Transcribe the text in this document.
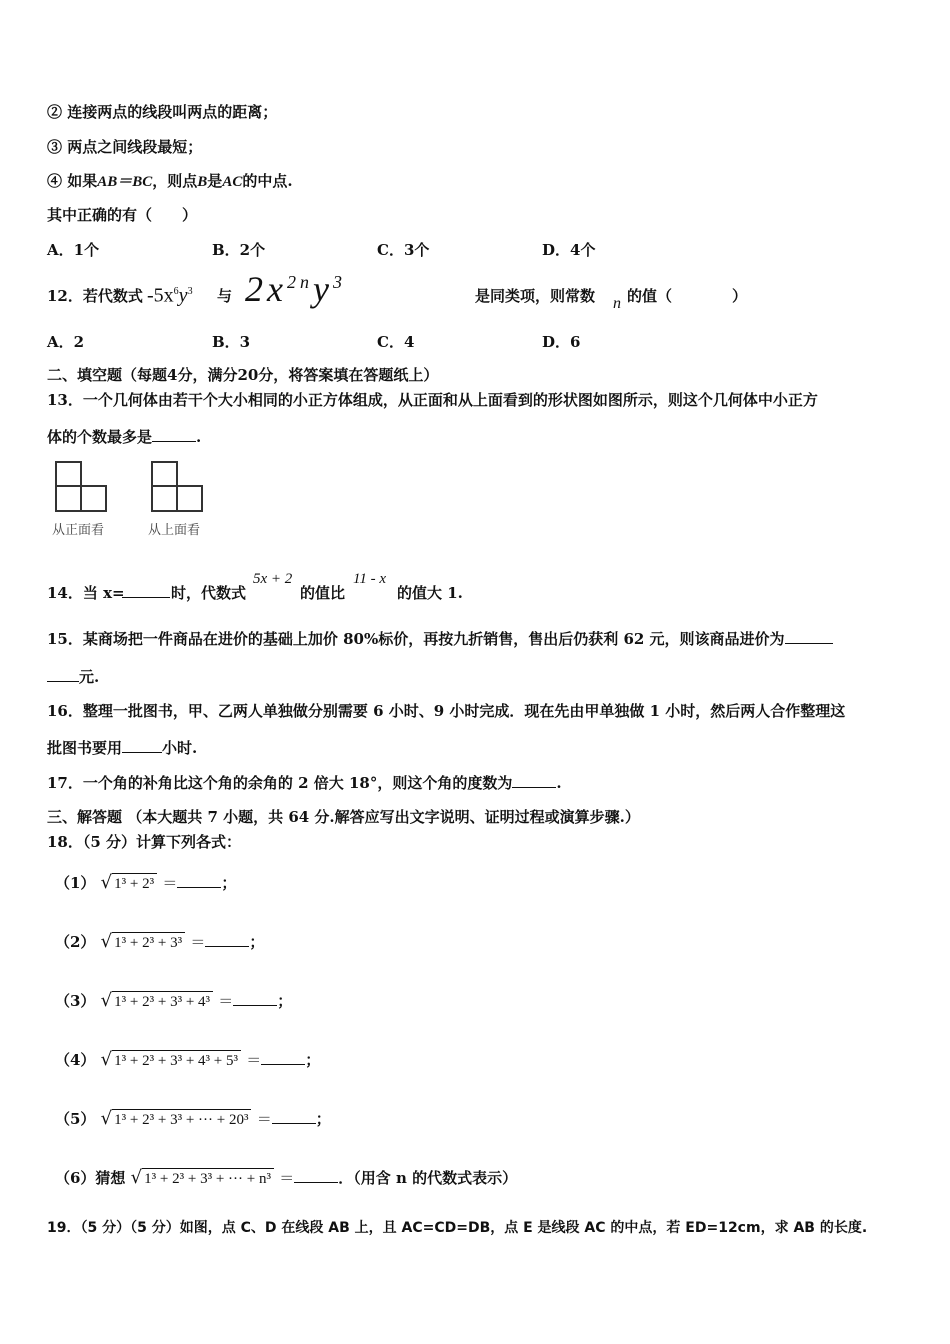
② 连接两点的线段叫两点的距离；
③ 两点之间线段最短；
④ 如果AB＝BC，则点B是AC的中点.
其中正确的有（　　）
A．1个	B．2个	C．3个	D．4个
12．若代数式 $-5x^6y^3$ 与 $2x^{2n}y^3$
是同类项，则常数 n 的值（　　　　）
A．2	B．3	C．4	D．6
二、填空题（每题4分，满分20分，将答案填在答题纸上）
13．一个几何体由若干个大小相同的小正方体组成，从正面和从上面看到的形状图如图所示，则这个几何体中小正方
体的个数最多是	.
从正面看	从上面看
14．当 x=	时，代数式
5x + 2
的值比
11 - x
的值大 1.
15．某商场把一件商品在进价的基础上加价 80%标价，再按九折销售，售出后仍获利 62 元，则该商品进价为
元.
16．整理一批图书，甲、乙两人单独做分别需要 6 小时、9 小时完成．现在先由甲单独做 1 小时，然后两人合作整理这
批图书要用	小时.
17．一个角的补角比这个角的余角的 2 倍大 18°，则这个角的度数为	.
三、解答题 （本大题共 7 小题，共 64 分.解答应写出文字说明、证明过程或演算步骤.）
18．（5 分）计算下列各式：
（1） √ 1³ + 2³ ＝	；
（2） √ 1³ + 2³ + 3³ ＝	；
（3） √ 1³ + 2³ + 3³ + 4³ ＝	；
（4） √ 1³ + 2³ + 3³ + 4³ + 5³ ＝	；
（5） √ 1³ + 2³ + 3³ + ··· + 20³ ＝	；
（6）猜想 √ 1³ + 2³ + 3³ + ··· + n³ ＝	．（用含 n 的代数式表示）
19．（5 分）（5 分）如图，点 C、D 在线段 AB 上，且 AC=CD=DB，点 E 是线段 AC 的中点，若 ED=12cm，求 AB 的长度.
